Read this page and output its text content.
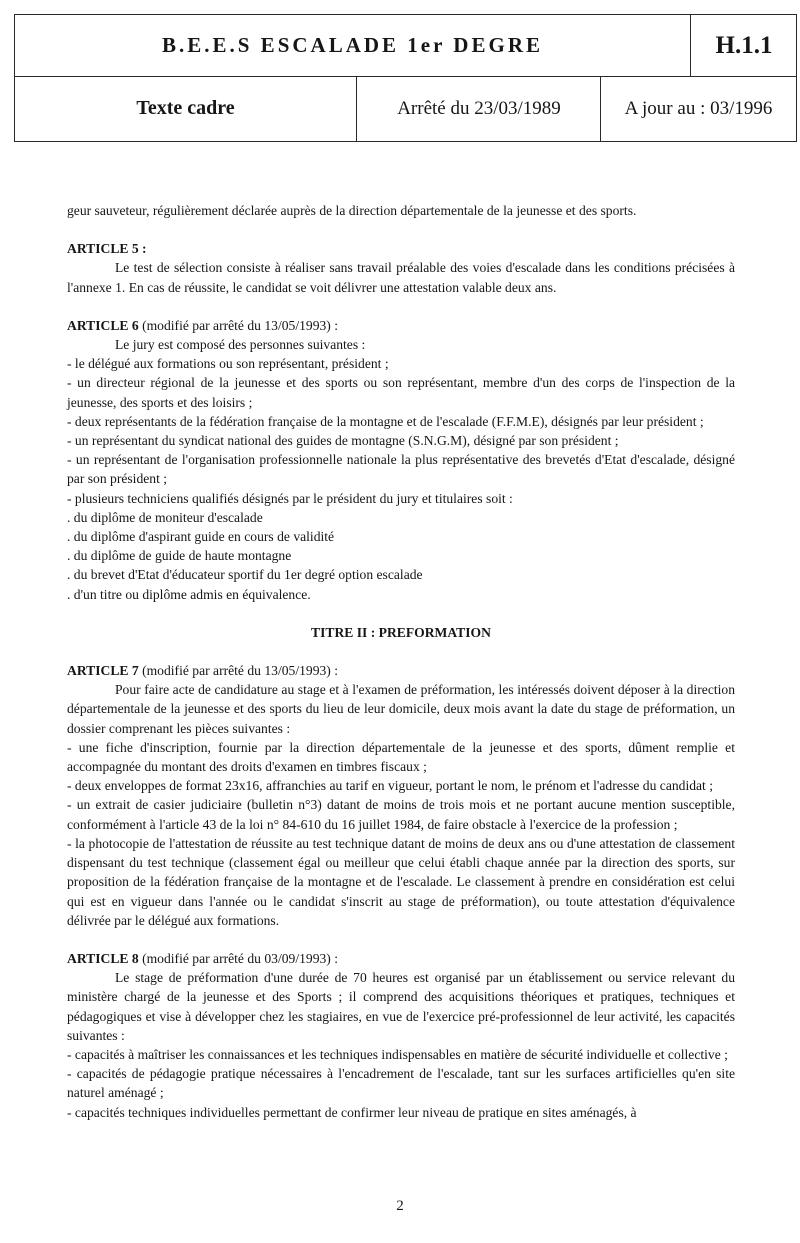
B.E.E.S ESCALADE 1er DEGRE	H.1.1
Texte cadre	Arrêté du 23/03/1989	A jour au : 03/1996

geur sauveteur, régulièrement déclarée auprès de la direction départementale de la jeunesse et des sports.

ARTICLE 5 :

Le test de sélection consiste à réaliser sans travail préalable des voies d'escalade dans les conditions précisées à l'annexe 1. En cas de réussite, le candidat se voit délivrer une attestation valable deux ans.

ARTICLE 6 (modifié par arrêté du 13/05/1993) :

Le jury est composé des personnes suivantes :

- le délégué aux formations ou son représentant, président ;

- un directeur régional de la jeunesse et des sports ou son représentant, membre d'un des corps de l'inspection de la jeunesse, des sports et des loisirs ;

- deux représentants de la fédération française de la montagne et de l'escalade (F.F.M.E), désignés par leur président ;

- un représentant du syndicat national des guides de montagne (S.N.G.M), désigné par son président ;

- un représentant de l'organisation professionnelle nationale la plus représentative des brevetés d'Etat d'escalade, désigné par son président ;

- plusieurs techniciens qualifiés désignés par le président du jury et titulaires soit :

. du diplôme de moniteur d'escalade

. du diplôme d'aspirant guide en cours de validité

. du diplôme de guide de haute montagne

. du brevet d'Etat d'éducateur sportif du 1er degré option escalade

. d'un titre ou diplôme admis en équivalence.

TITRE II : PREFORMATION

ARTICLE 7 (modifié par arrêté du 13/05/1993) :

Pour faire acte de candidature au stage et à l'examen de préformation, les intéressés doivent déposer à la direction départementale de la jeunesse et des sports du lieu de leur domicile, deux mois avant la date du stage de préformation, un dossier comprenant les pièces suivantes :

- une fiche d'inscription, fournie par la direction départementale de la jeunesse et des sports, dûment remplie et accompagnée du montant des droits d'examen en timbres fiscaux ;

- deux enveloppes de format 23x16, affranchies au tarif en vigueur, portant le nom, le prénom et l'adresse du candidat ;

- un extrait de casier judiciaire (bulletin n°3) datant de moins de trois mois et ne portant aucune mention susceptible, conformément à l'article 43 de la loi n° 84-610 du 16 juillet 1984, de faire obstacle à l'exercice de la profession ;

- la photocopie de l'attestation de réussite au test technique datant de moins de deux ans ou d'une attestation de classement dispensant du test technique (classement égal ou meilleur que celui établi chaque année par la direction des sports, sur proposition de la fédération française de la montagne et de l'escalade. Le classement à prendre en considération est celui qui est en vigueur dans l'année ou le candidat s'inscrit au stage de préformation), ou toute attestation d'équivalence délivrée par le délégué aux formations.

ARTICLE 8 (modifié par arrêté du 03/09/1993) :

Le stage de préformation d'une durée de 70 heures est organisé par un établissement ou service relevant du ministère chargé de la jeunesse et des Sports ; il comprend des acquisitions théoriques et pratiques, techniques et pédagogiques et vise à développer chez les stagiaires, en vue de l'exercice pré-professionnel de leur activité, les capacités suivantes :

- capacités à maîtriser les connaissances et les techniques indispensables en matière de sécurité individuelle et collective ;

- capacités de pédagogie pratique nécessaires à l'encadrement de l'escalade, tant sur les surfaces artificielles qu'en site naturel aménagé ;

- capacités techniques individuelles permettant de confirmer leur niveau de pratique en sites aménagés, à

2
